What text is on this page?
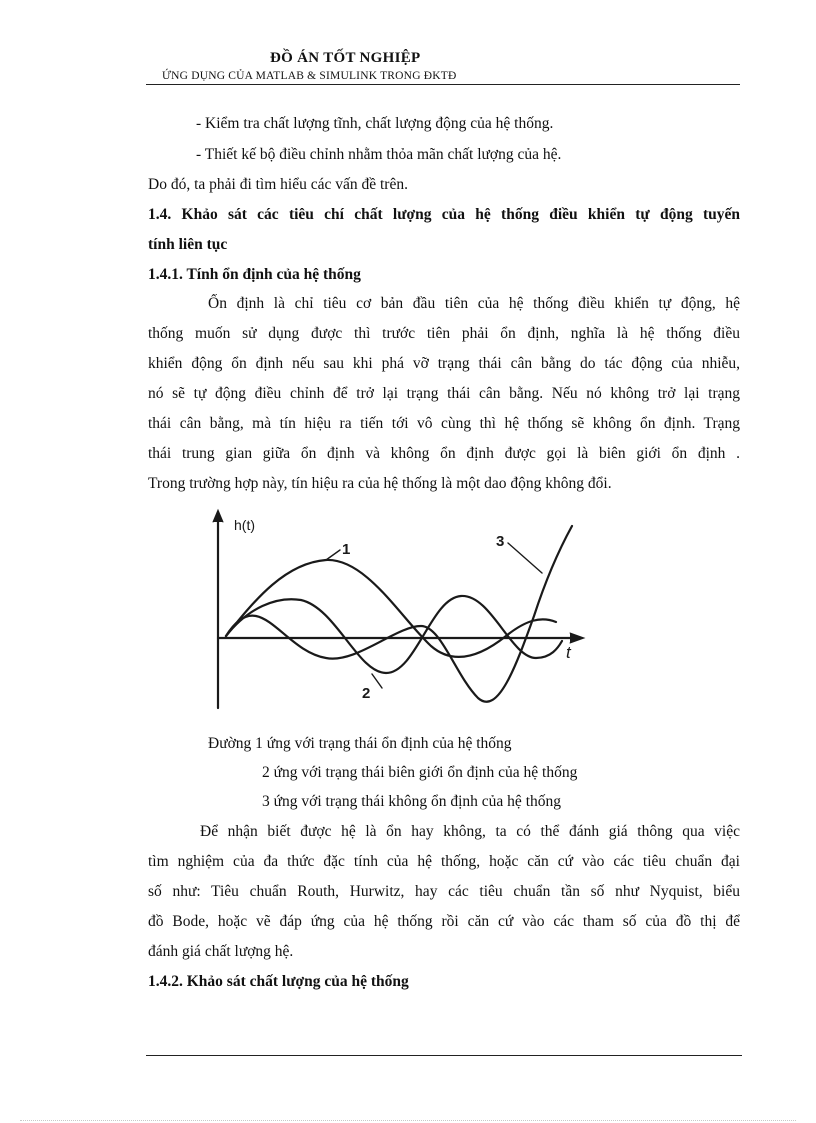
ĐỒ ÁN TỐT NGHIỆP
ỨNG DỤNG CỦA MATLAB & SIMULINK TRONG ĐKTĐ
- Kiểm tra chất lượng tĩnh, chất lượng động của hệ thống.
- Thiết kế bộ điều chỉnh nhằm thỏa mãn chất lượng của hệ.
Do đó, ta phải đi tìm hiểu các vấn đề trên.
1.4. Khảo sát các tiêu chí chất lượng của hệ thống điều khiển tự động tuyến
tính liên tục
1.4.1. Tính ổn định của hệ thống
Ổn định là chỉ tiêu cơ bản đầu tiên của hệ thống điều khiển tự động, hệ
thống muốn sử dụng được thì trước tiên phải ổn định, nghĩa là hệ thống điều
khiển động ổn định nếu sau khi phá vỡ trạng thái cân bằng do tác động của nhiễu,
nó sẽ tự động điều chỉnh để trở lại trạng thái cân bằng. Nếu nó không trở lại trạng
thái cân bằng, mà tín hiệu ra tiến tới vô cùng thì hệ thống sẽ không ổn định. Trạng
thái trung gian giữa ổn định và không ổn định được gọi là biên giới ổn định .
Trong trường hợp này, tín hiệu ra của hệ thống là một dao động không đổi.
h(t)
t
1
2
3
Đường 1 ứng với trạng thái ổn định của hệ thống
2 ứng với trạng thái biên giới ổn định của hệ thống
3 ứng với trạng thái không ổn định của hệ thống
Để nhận biết được hệ là ổn hay không, ta có thể đánh giá thông qua việc
tìm nghiệm của đa thức đặc tính của hệ thống, hoặc căn cứ vào các tiêu chuẩn đại
số như: Tiêu chuẩn Routh, Hurwitz, hay các tiêu chuẩn tần số như Nyquist, biểu
đồ Bode, hoặc vẽ đáp ứng của hệ thống rồi căn cứ vào các tham số của đồ thị để
đánh giá chất lượng hệ.
1.4.2. Khảo sát chất lượng của hệ thống
